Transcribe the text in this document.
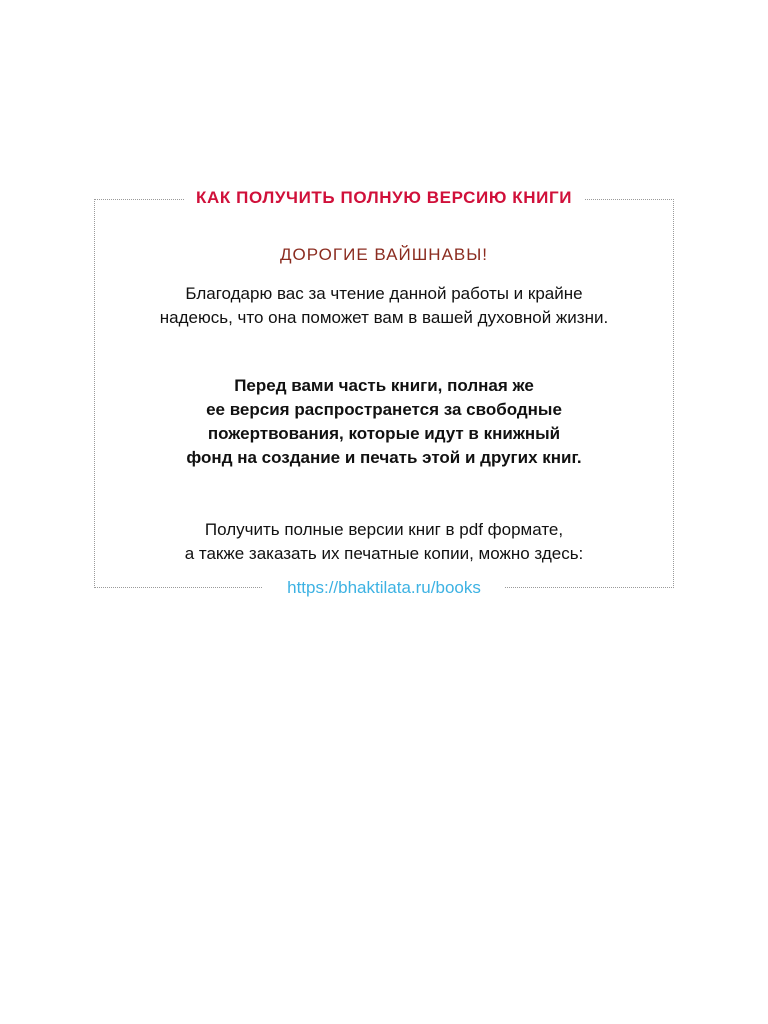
КАК ПОЛУЧИТЬ ПОЛНУЮ ВЕРСИЮ КНИГИ
ДОРОГИЕ ВАЙШНАВЫ!
Благодарю вас за чтение данной работы и крайне
надеюсь, что она поможет вам в вашей духовной жизни.
Перед вами часть книги, полная же
ее версия распространется за свободные
пожертвования, которые идут в книжный
фонд на создание и печать этой и других книг.
Получить полные версии книг в pdf формате,
а также заказать их печатные копии, можно здесь:
https://bhaktilata.ru/books
